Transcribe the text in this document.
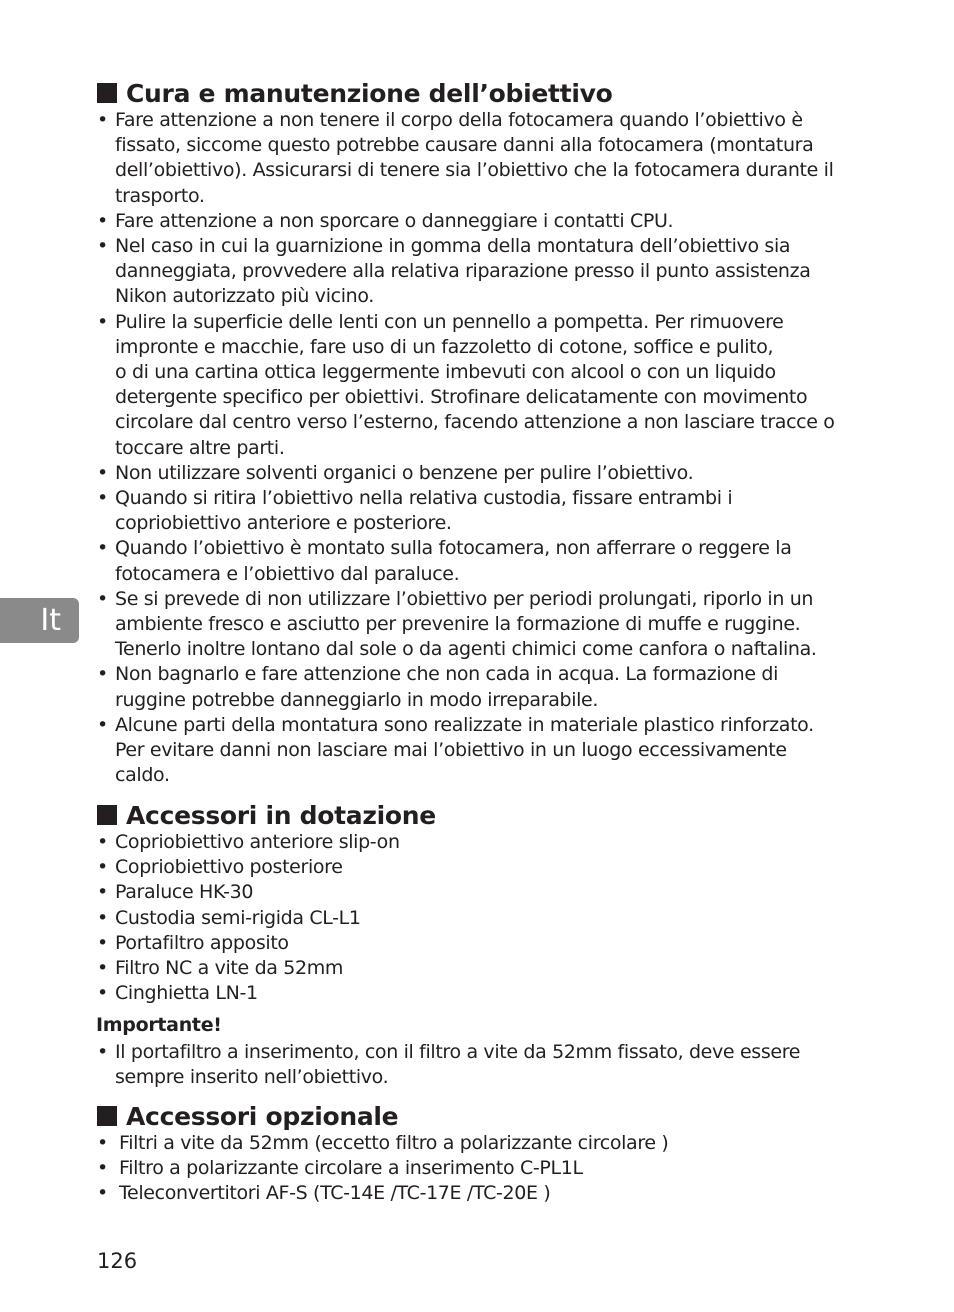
Cura e manutenzione dell’obiettivo
• Fare attenzione a non tenere il corpo della fotocamera quando l’obiettivo è
fissato, siccome questo potrebbe causare danni alla fotocamera (montatura
dell’obiettivo). Assicurarsi di tenere sia l’obiettivo che la fotocamera durante il
trasporto.
• Fare attenzione a non sporcare o danneggiare i contatti CPU.
• Nel caso in cui la guarnizione in gomma della montatura dell’obiettivo sia
danneggiata, provvedere alla relativa riparazione presso il punto assistenza
Nikon autorizzato più vicino.
• Pulire la superficie delle lenti con un pennello a pompetta. Per rimuovere
impronte e macchie, fare uso di un fazzoletto di cotone, soffice e pulito,
o di una cartina ottica leggermente imbevuti con alcool o con un liquido
detergente specifico per obiettivi. Strofinare delicatamente con movimento
circolare dal centro verso l’esterno, facendo attenzione a non lasciare tracce o
toccare altre parti.
• Non utilizzare solventi organici o benzene per pulire l’obiettivo.
• Quando si ritira l’obiettivo nella relativa custodia, fissare entrambi i
copriobiettivo anteriore e posteriore.
• Quando l’obiettivo è montato sulla fotocamera, non afferrare o reggere la
fotocamera e l’obiettivo dal paraluce.
• Se si prevede di non utilizzare l’obiettivo per periodi prolungati, riporlo in un
ambiente fresco e asciutto per prevenire la formazione di muffe e ruggine.
Tenerlo inoltre lontano dal sole o da agenti chimici come canfora o naftalina.
• Non bagnarlo e fare attenzione che non cada in acqua. La formazione di
ruggine potrebbe danneggiarlo in modo irreparabile.
• Alcune parti della montatura sono realizzate in materiale plastico rinforzato.
Per evitare danni non lasciare mai l’obiettivo in un luogo eccessivamente
caldo.
Accessori in dotazione
• Copriobiettivo anteriore slip-on
• Copriobiettivo posteriore
• Paraluce HK-30
• Custodia semi-rigida CL-L1
• Portafiltro apposito
• Filtro NC a vite da 52mm
• Cinghietta LN-1
Importante!
• Il portafiltro a inserimento, con il filtro a vite da 52mm fissato, deve essere
sempre inserito nell’obiettivo.
Accessori opzionale
• Filtri a vite da 52mm (eccetto filtro a polarizzante circolare )
• Filtro a polarizzante circolare a inserimento C-PL1L
• Teleconvertitori AF-S (TC-14E /TC-17E /TC-20E )
It
126
